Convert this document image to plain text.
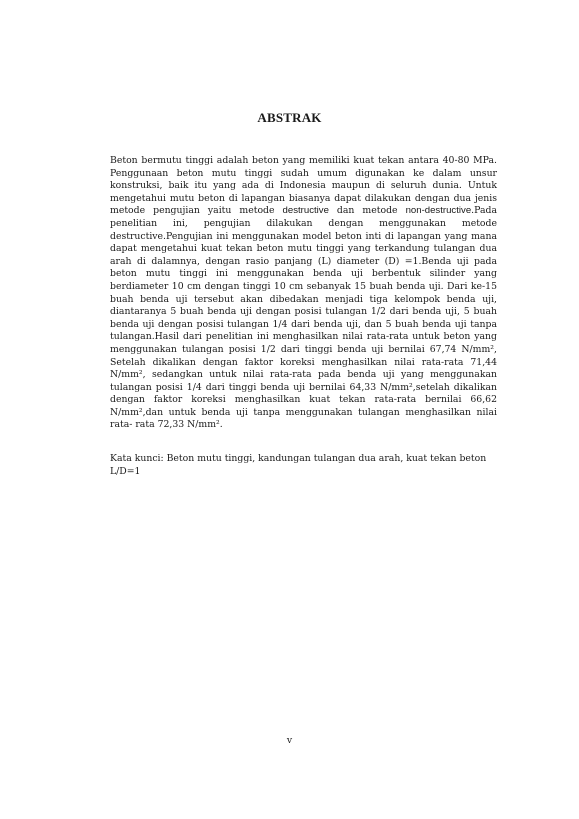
ABSTRAK

Beton bermutu tinggi adalah beton yang memiliki kuat tekan antara 40-80 MPa. Penggunaan beton mutu tinggi sudah umum digunakan ke dalam unsur konstruksi, baik itu yang ada di Indonesia maupun di seluruh dunia. Untuk mengetahui mutu beton di lapangan biasanya dapat dilakukan dengan dua jenis metode pengujian yaitu metode destructive dan metode non-destructive.Pada penelitian ini, pengujian dilakukan dengan menggunakan metode destructive.Pengujian ini menggunakan model beton inti di lapangan yang mana dapat mengetahui kuat tekan beton mutu tinggi yang terkandung tulangan dua arah di dalamnya, dengan rasio panjang (L) diameter (D) =1.Benda uji pada beton mutu tinggi ini menggunakan benda uji berbentuk silinder yang berdiameter 10 cm dengan tinggi 10 cm sebanyak 15 buah benda uji. Dari ke-15 buah benda uji tersebut akan dibedakan menjadi tiga kelompok benda uji, diantaranya 5 buah benda uji dengan posisi tulangan 1/2 dari benda uji, 5 buah benda uji dengan posisi tulangan 1/4 dari benda uji, dan 5 buah benda uji tanpa tulangan.Hasil dari penelitian ini menghasilkan nilai rata-rata untuk beton yang menggunakan tulangan posisi 1/2 dari tinggi benda uji bernilai 67,74 N/mm², Setelah dikalikan dengan faktor koreksi menghasilkan nilai rata-rata 71,44 N/mm², sedangkan untuk nilai rata-rata pada benda uji yang menggunakan tulangan posisi 1/4 dari tinggi benda uji bernilai 64,33 N/mm²,setelah dikalikan dengan faktor koreksi menghasilkan kuat tekan rata-rata bernilai 66,62 N/mm²,dan untuk benda uji tanpa menggunakan tulangan menghasilkan nilai rata- rata 72,33 N/mm².

Kata kunci: Beton mutu tinggi, kandungan tulangan dua arah, kuat tekan beton L/D=1

v
